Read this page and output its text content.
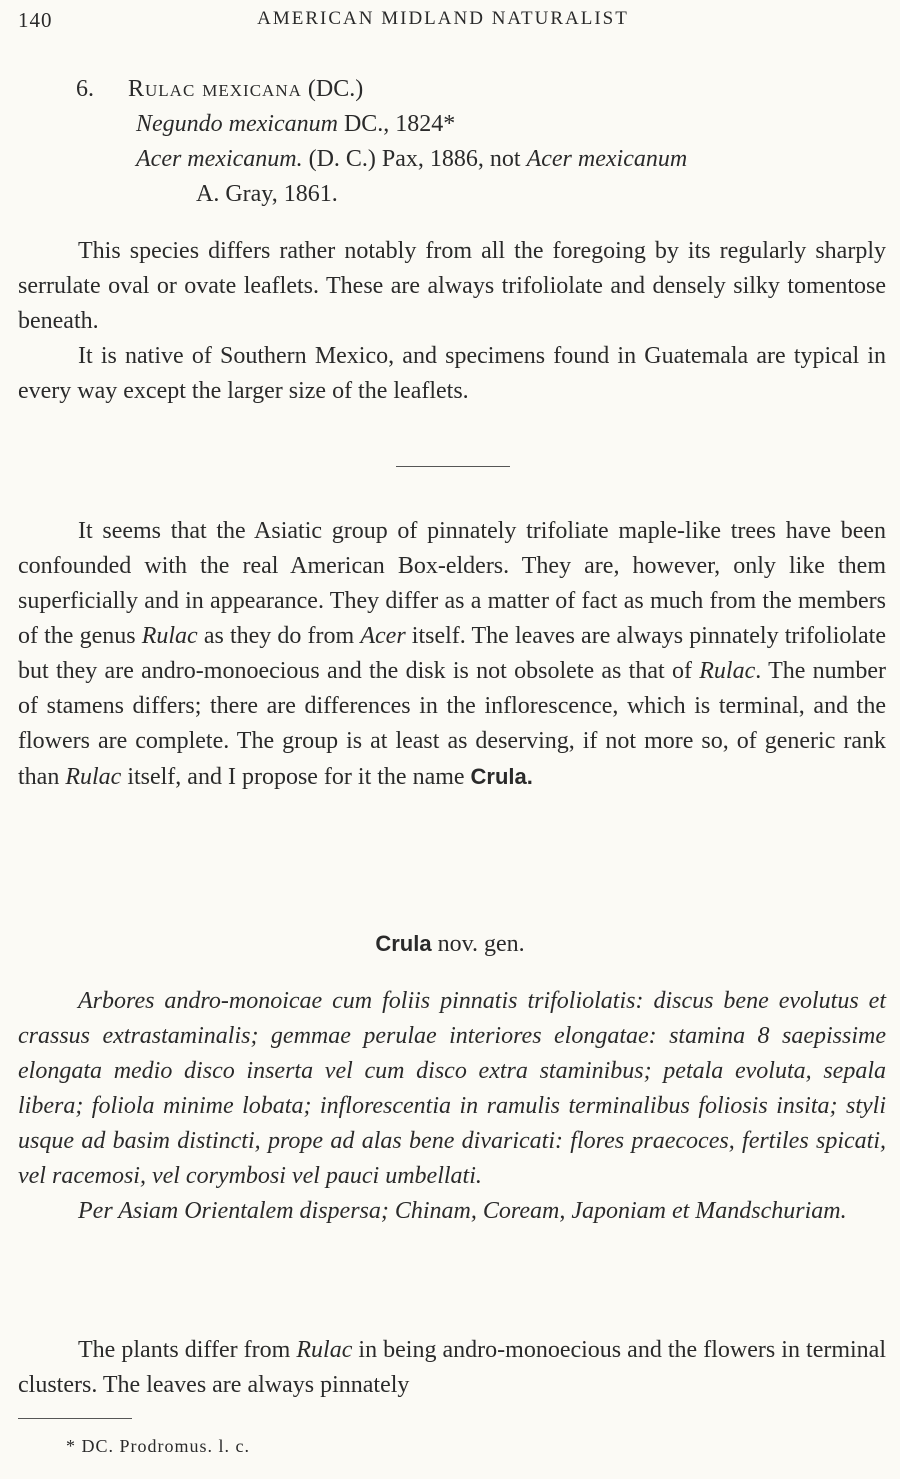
140	AMERICAN MIDLAND NATURALIST
6. Rulac mexicana (DC.)
Negundo mexicanum DC., 1824*
Acer mexicanum. (D. C.) Pax, 1886, not Acer mexicanum
A. Gray, 1861.

This species differs rather notably from all the foregoing by its regularly sharply serrulate oval or ovate leaflets. These are always trifoliolate and densely silky tomentose beneath.

It is native of Southern Mexico, and specimens found in Guatemala are typical in every way except the larger size of the leaflets.

It seems that the Asiatic group of pinnately trifoliate maple-like trees have been confounded with the real American Box-elders. They are, however, only like them superficially and in appearance. They differ as a matter of fact as much from the members of the genus Rulac as they do from Acer itself. The leaves are always pinnately trifoliolate but they are andro-monoecious and the disk is not obsolete as that of Rulac. The number of stamens differs; there are differences in the inflorescence, which is terminal, and the flowers are complete. The group is at least as deserving, if not more so, of generic rank than Rulac itself, and I propose for it the name Crula.

Crula nov. gen.

Arbores andro-monoicae cum foliis pinnatis trifoliolatis: discus bene evolutus et crassus extrastaminalis; gemmae perulae interiores elongatae: stamina 8 saepissime elongata medio disco inserta vel cum disco extra staminibus; petala evoluta, sepala libera; foliola minime lobata; inflorescentia in ramulis terminalibus foliosis insita; styli usque ad basim distincti, prope ad alas bene divaricati: flores praecoces, fertiles spicati, vel racemosi, vel corymbosi vel pauci umbellati.

Per Asiam Orientalem dispersa; Chinam, Coream, Japoniam et Mandschuriam.

The plants differ from Rulac in being andro-monoecious and the flowers in terminal clusters. The leaves are always pinnately

* DC. Prodromus. l. c.
